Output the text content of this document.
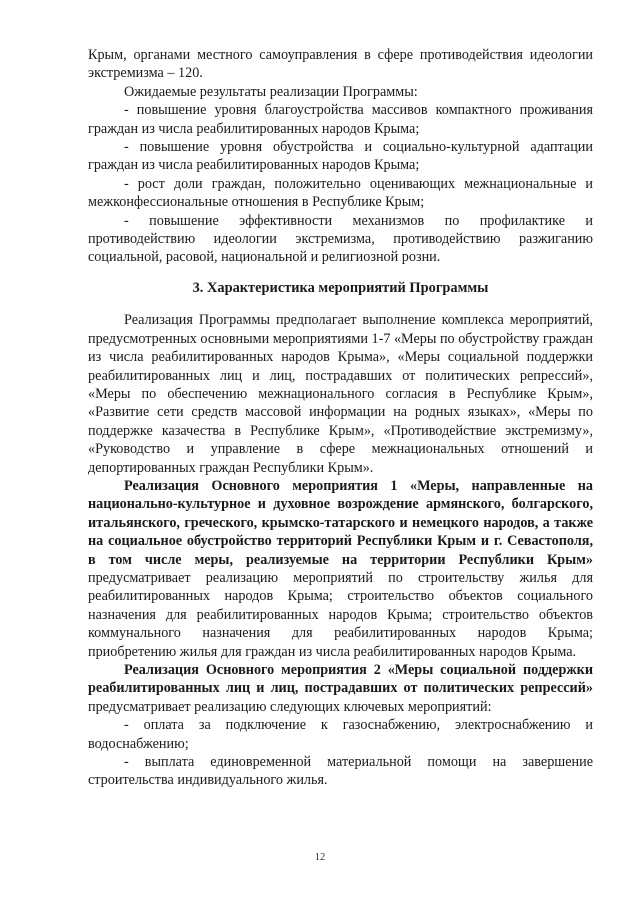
Крым, органами местного самоуправления в сфере противодействия идеологии экстремизма – 120.

Ожидаемые результаты реализации Программы:

- повышение уровня благоустройства массивов компактного проживания граждан из числа реабилитированных народов Крыма;

- повышение уровня обустройства и социально-культурной адаптации граждан из числа реабилитированных народов Крыма;

- рост доли граждан, положительно оценивающих межнациональные и межконфессиональные отношения в Республике Крым;

- повышение эффективности механизмов по профилактике и противодействию идеологии экстремизма, противодействию разжиганию социальной, расовой, национальной и религиозной розни.

3. Характеристика мероприятий Программы

Реализация Программы предполагает выполнение комплекса мероприятий, предусмотренных основными мероприятиями 1-7 «Меры по обустройству граждан из числа реабилитированных народов Крыма», «Меры социальной поддержки реабилитированных лиц и лиц, пострадавших от политических репрессий», «Меры по обеспечению межнационального согласия в Республике Крым», «Развитие сети средств массовой информации на родных языках», «Меры по поддержке казачества в Республике Крым», «Противодействие экстремизму», «Руководство и управление в сфере межнациональных отношений и депортированных граждан Республики Крым».

Реализация Основного мероприятия 1 «Меры, направленные на национально-культурное и духовное возрождение армянского, болгарского, итальянского, греческого, крымско-татарского и немецкого народов, а также на социальное обустройство территорий Республики Крым и г. Севастополя, в том числе меры, реализуемые на территории Республики Крым» предусматривает реализацию мероприятий по строительству жилья для реабилитированных народов Крыма; строительство объектов социального назначения для реабилитированных народов Крыма; строительство объектов коммунального назначения для реабилитированных народов Крыма; приобретению жилья для граждан из числа реабилитированных народов Крыма.

Реализация Основного мероприятия 2 «Меры социальной поддержки реабилитированных лиц и лиц, пострадавших от политических репрессий» предусматривает реализацию следующих ключевых мероприятий:

- оплата за подключение к газоснабжению, электроснабжению и водоснабжению;

- выплата единовременной материальной помощи на завершение строительства индивидуального жилья.

12
